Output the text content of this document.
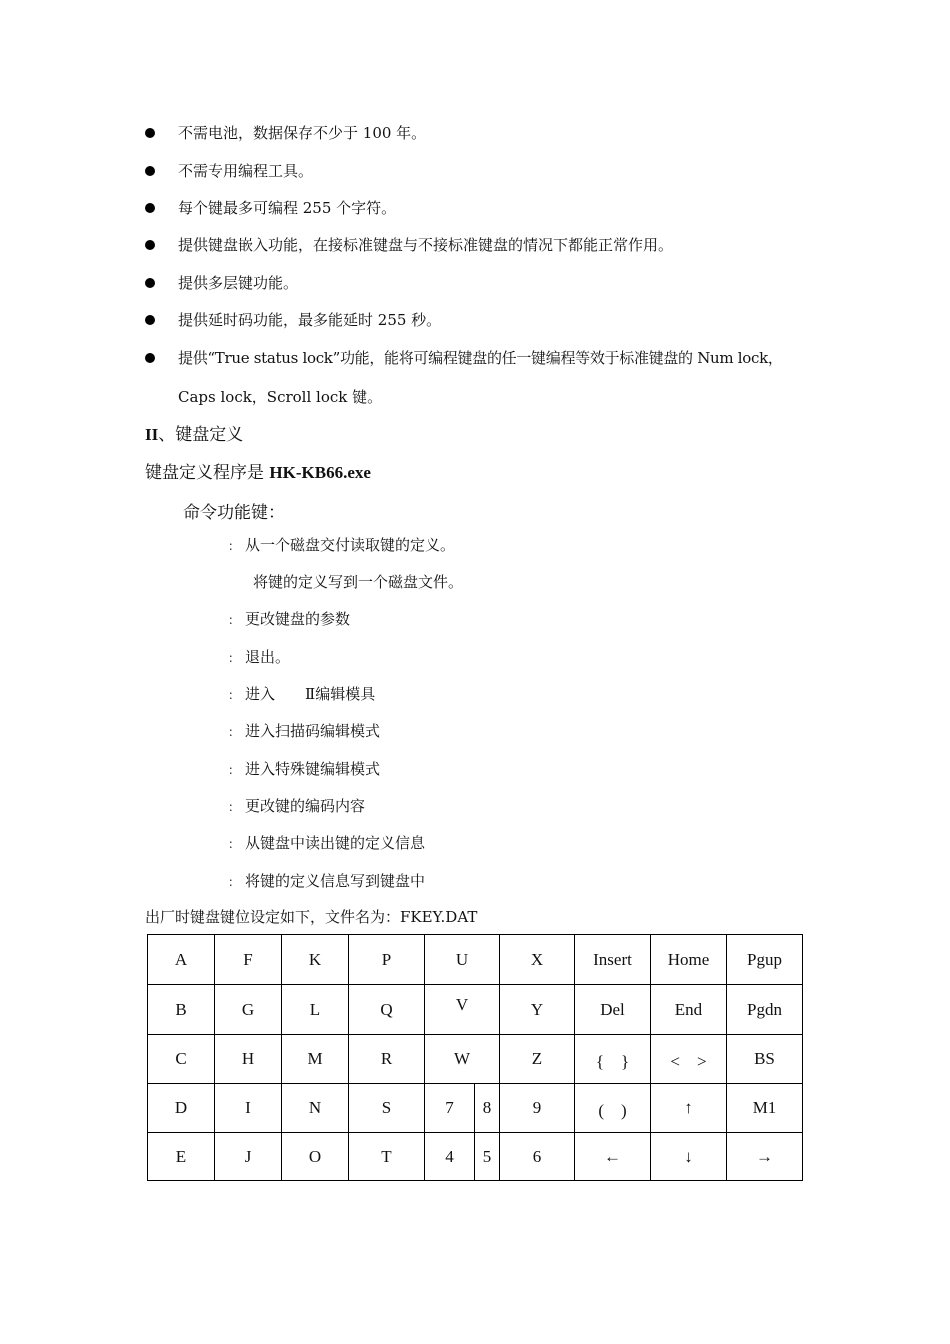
不需电池，数据保存不少于 100 年。
不需专用编程工具。
每个键最多可编程 255 个字符。
提供键盘嵌入功能，在接标准键盘与不接标准键盘的情况下都能正常作用。
提供多层键功能。
提供延时码功能，最多能延时 255 秒。
提供“True status lock”功能，能将可编程键盘的任一键编程等效于标准键盘的 Num lock，
Caps lock，Scroll lock 键。
II、键盘定义
键盘定义程序是 HK-KB66.exe
命令功能键：
： 从一个磁盘交付读取键的定义。
将键的定义写到一个磁盘文件。
： 更改键盘的参数
： 退出。
： 进入　　Ⅱ编辑模具
： 进入扫描码编辑模式
： 进入特殊键编辑模式
： 更改键的编码内容
： 从键盘中读出键的定义信息
： 将键的定义信息写到键盘中
出厂时键盘键位设定如下，文件名为：FKEY.DAT
A	F	K	P	U		X	Insert	Home	Pgup
B	G	L	Q	V		Y	Del	End	Pgdn
C	H	M	R	W		Z	{　}	<　>	BS
D	I	N	S	7	8	9	(　)	↑	M1
E	J	O	T	4	5	6	←	↓	→
